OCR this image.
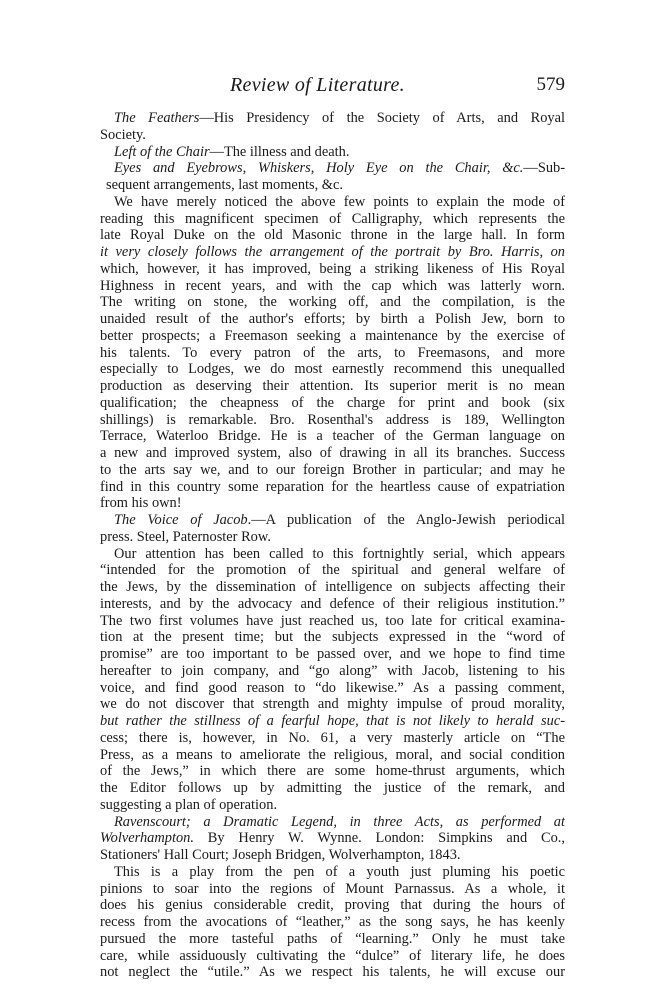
Review of Literature.	579
The Feathers—His Presidency of the Society of Arts, and Royal
Society.
Left of the Chair—The illness and death.
Eyes and Eyebrows, Whiskers, Holy Eye on the Chair, &c.—Sub-
sequent arrangements, last moments, &c.
We have merely noticed the above few points to explain the mode of
reading this magnificent specimen of Calligraphy, which represents the
late Royal Duke on the old Masonic throne in the large hall. In form
it very closely follows the arrangement of the portrait by Bro. Harris, on
which, however, it has improved, being a striking likeness of His Royal
Highness in recent years, and with the cap which was latterly worn.
The writing on stone, the working off, and the compilation, is the
unaided result of the author's efforts; by birth a Polish Jew, born to
better prospects; a Freemason seeking a maintenance by the exercise of
his talents. To every patron of the arts, to Freemasons, and more
especially to Lodges, we do most earnestly recommend this unequalled
production as deserving their attention. Its superior merit is no mean
qualification; the cheapness of the charge for print and book (six
shillings) is remarkable. Bro. Rosenthal's address is 189, Wellington
Terrace, Waterloo Bridge. He is a teacher of the German language on
a new and improved system, also of drawing in all its branches. Success
to the arts say we, and to our foreign Brother in particular; and may he
find in this country some reparation for the heartless cause of expatriation
from his own!
The Voice of Jacob.—A publication of the Anglo-Jewish periodical
press. Steel, Paternoster Row.
Our attention has been called to this fortnightly serial, which appears
“intended for the promotion of the spiritual and general welfare of
the Jews, by the dissemination of intelligence on subjects affecting their
interests, and by the advocacy and defence of their religious institution.”
The two first volumes have just reached us, too late for critical examina-
tion at the present time; but the subjects expressed in the “word of
promise” are too important to be passed over, and we hope to find time
hereafter to join company, and “go along” with Jacob, listening to his
voice, and find good reason to “do likewise.” As a passing comment,
we do not discover that strength and mighty impulse of proud morality,
but rather the stillness of a fearful hope, that is not likely to herald suc-
cess; there is, however, in No. 61, a very masterly article on “The
Press, as a means to ameliorate the religious, moral, and social condition
of the Jews,” in which there are some home-thrust arguments, which
the Editor follows up by admitting the justice of the remark, and
suggesting a plan of operation.
Ravenscourt; a Dramatic Legend, in three Acts, as performed at
Wolverhampton. By Henry W. Wynne. London: Simpkins and Co.,
Stationers' Hall Court; Joseph Bridgen, Wolverhampton, 1843.
This is a play from the pen of a youth just pluming his poetic
pinions to soar into the regions of Mount Parnassus. As a whole, it
does his genius considerable credit, proving that during the hours of
recess from the avocations of “leather,” as the song says, he has keenly
pursued the more tasteful paths of “learning.” Only he must take
care, while assiduously cultivating the “dulce” of literary life, he does
not neglect the “utile.” As we respect his talents, he will excuse our
